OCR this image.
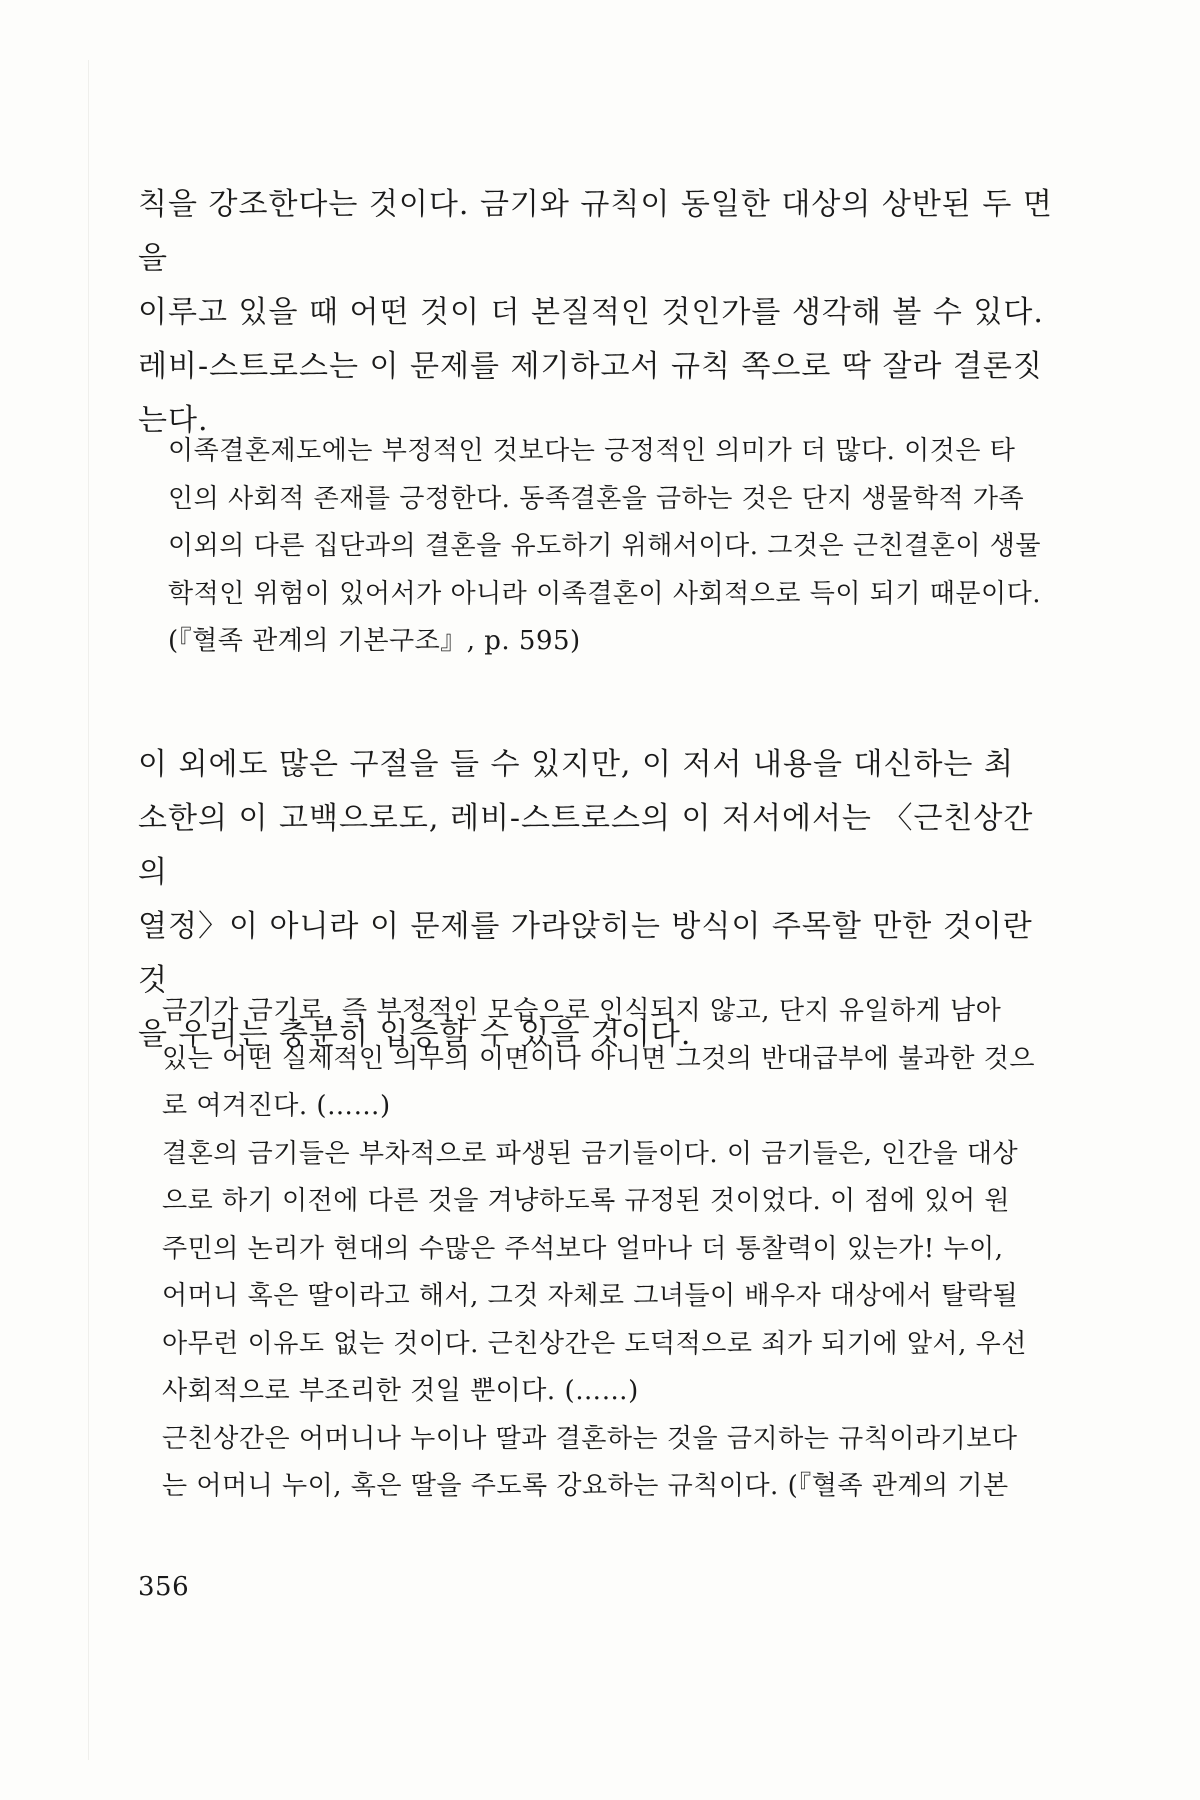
칙을 강조한다는 것이다. 금기와 규칙이 동일한 대상의 상반된 두 면을
이루고 있을 때 어떤 것이 더 본질적인 것인가를 생각해 볼 수 있다.
레비-스트로스는 이 문제를 제기하고서 규칙 쪽으로 딱 잘라 결론짓
는다.

이족결혼제도에는 부정적인 것보다는 긍정적인 의미가 더 많다. 이것은 타
인의 사회적 존재를 긍정한다. 동족결혼을 금하는 것은 단지 생물학적 가족
이외의 다른 집단과의 결혼을 유도하기 위해서이다. 그것은 근친결혼이 생물
학적인 위험이 있어서가 아니라 이족결혼이 사회적으로 득이 되기 때문이다.
(『혈족 관계의 기본구조』, p. 595)

이 외에도 많은 구절을 들 수 있지만, 이 저서 내용을 대신하는 최
소한의 이 고백으로도, 레비-스트로스의 이 저서에서는 〈근친상간의
열정〉이 아니라 이 문제를 가라앉히는 방식이 주목할 만한 것이란 것
을 우리는 충분히 입증할 수 있을 것이다.

금기가 금기로, 즉 부정적인 모습으로 인식되지 않고, 단지 유일하게 남아
있는 어떤 실제적인 의무의 이면이나 아니면 그것의 반대급부에 불과한 것으
로 여겨진다. (……)
결혼의 금기들은 부차적으로 파생된 금기들이다. 이 금기들은, 인간을 대상
으로 하기 이전에 다른 것을 겨냥하도록 규정된 것이었다. 이 점에 있어 원
주민의 논리가 현대의 수많은 주석보다 얼마나 더 통찰력이 있는가! 누이,
어머니 혹은 딸이라고 해서, 그것 자체로 그녀들이 배우자 대상에서 탈락될
아무런 이유도 없는 것이다. 근친상간은 도덕적으로 죄가 되기에 앞서, 우선
사회적으로 부조리한 것일 뿐이다. (……)
근친상간은 어머니나 누이나 딸과 결혼하는 것을 금지하는 규칙이라기보다
는 어머니 누이, 혹은 딸을 주도록 강요하는 규칙이다. (『혈족 관계의 기본

356
